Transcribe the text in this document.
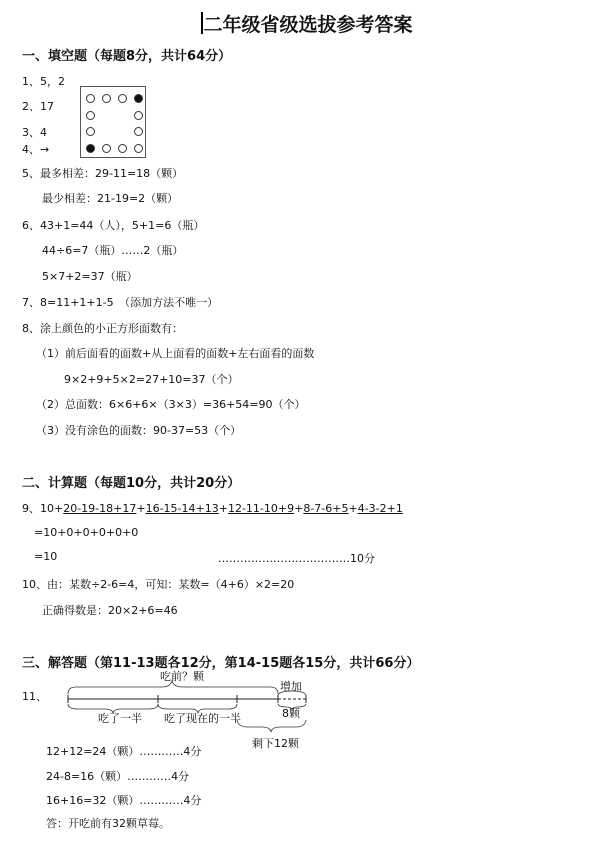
二年级省级选拔参考答案
一、填空题（每题8分，共计64分）
1、5，2
2、17
3、4
4、→
5、最多相差：29-11=18（颗）
最少相差：21-19=2（颗）
6、43+1=44（人），5+1=6（瓶）
44÷6=7（瓶）……2（瓶）
5×7+2=37（瓶）
7、8=11+1+1-5　（添加方法不唯一）
8、涂上颜色的小正方形面数有：
（1）前后面看的面数+从上面看的面数+左右面看的面数
9×2+9+5×2=27+10=37（个）
（2）总面数：6×6+6×（3×3）=36+54=90（个）
（3）没有涂色的面数：90-37=53（个）
二、计算题（每题10分，共计20分）
9、10+20-19-18+17+16-15-14+13+12-11-10+9+8-7-6+5+4-3-2+1
=10+0+0+0+0+0
=10	………………………………10分
10、由：某数÷2-6=4，可知：某数=（4+6）×2=20
正确得数是：20×2+6=46
三、解答题（第11-13题各12分，第14-15题各15分，共计66分）
11、
吃前？颗
吃了一半 吃了现在的一半
增加
8颗
剩下12颗
12+12=24（颗）…………4分
24-8=16（颗）…………4分
16+16=32（颗）…………4分
答：开吃前有32颗草莓。
